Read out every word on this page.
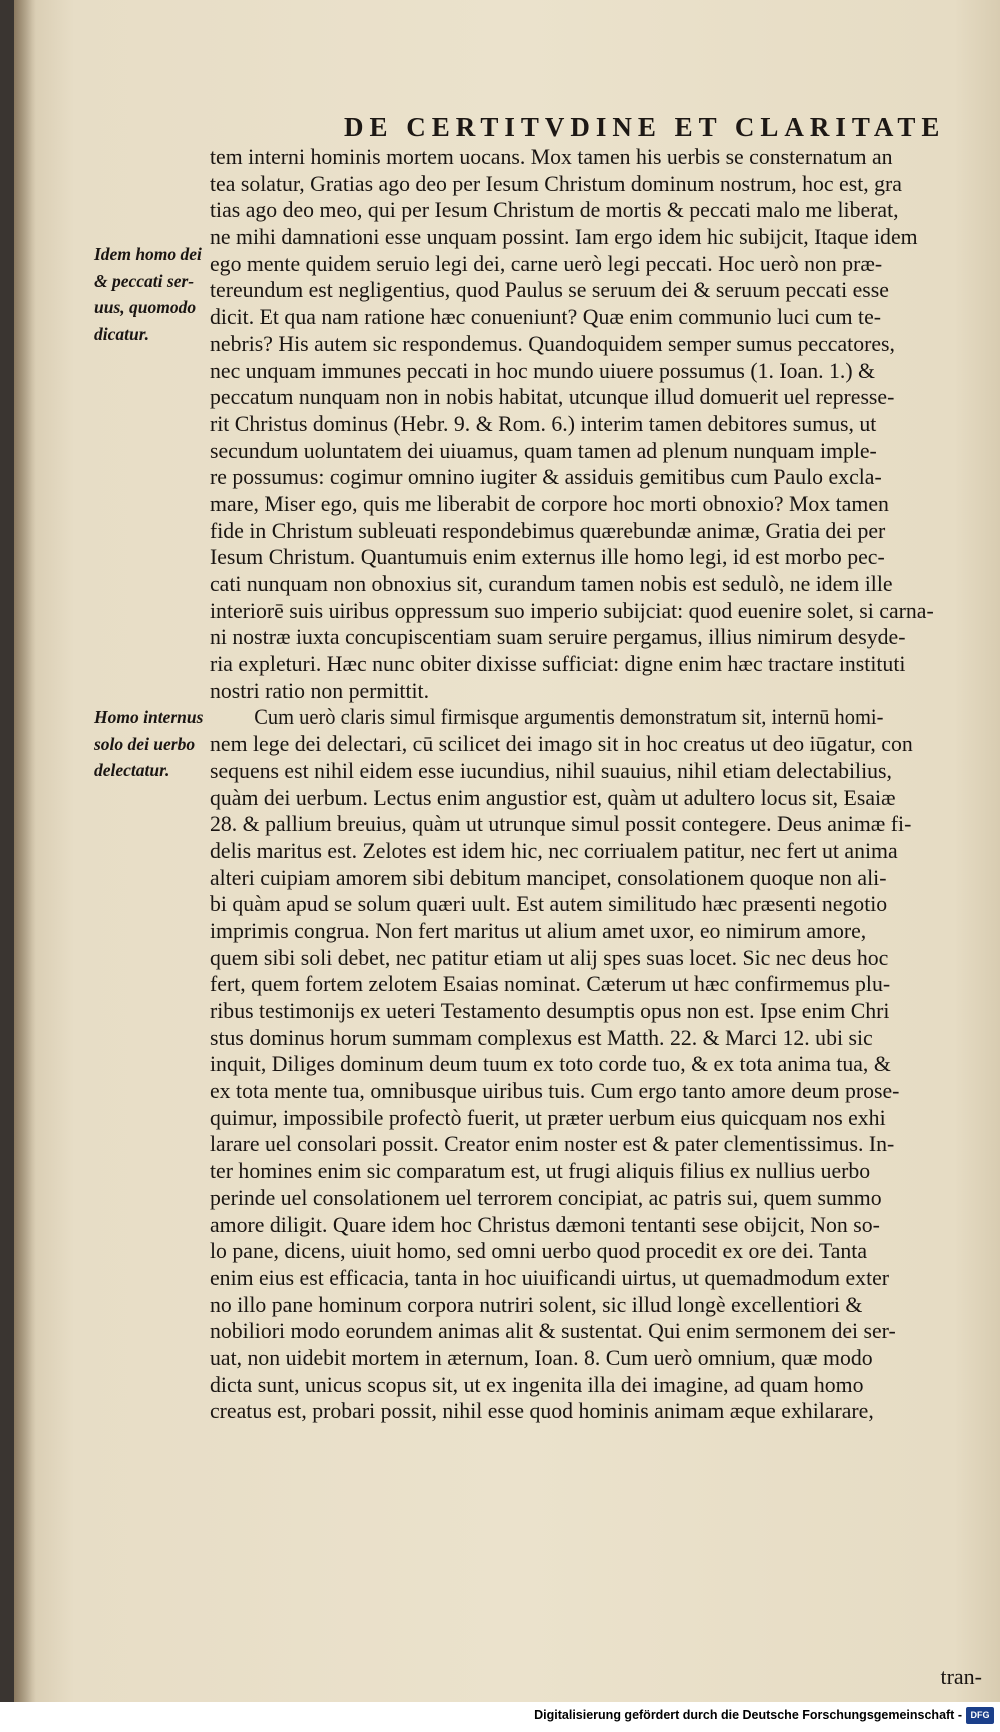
DE CERTITVDINE ET CLARITATE
Idem homo dei
& peccati ser-
uus, quomodo
dicatur.
Homo internus
solo dei uerbo
delectatur.
tem interni hominis mortem uocans. Mox tamen his uerbis se consternatum an
tea solatur, Gratias ago deo per Iesum Christum dominum nostrum, hoc est, gra
tias ago deo meo, qui per Iesum Christum de mortis & peccati malo me liberat,
ne mihi damnationi esse unquam possint. Iam ergo idem hic subijcit, Itaque idem
ego mente quidem seruio legi dei, carne uerò legi peccati. Hoc uerò non præ-
tereundum est negligentius, quod Paulus se seruum dei & seruum peccati esse
dicit. Et qua nam ratione hæc conueniunt? Quæ enim communio luci cum te-
nebris? His autem sic respondemus. Quandoquidem semper sumus peccatores,
nec unquam immunes peccati in hoc mundo uiuere possumus (1. Ioan. 1.) &
peccatum nunquam non in nobis habitat, utcunque illud domuerit uel represse-
rit Christus dominus (Hebr. 9. & Rom. 6.) interim tamen debitores sumus, ut
secundum uoluntatem dei uiuamus, quam tamen ad plenum nunquam imple-
re possumus: cogimur omnino iugiter & assiduis gemitibus cum Paulo excla-
mare, Miser ego, quis me liberabit de corpore hoc morti obnoxio? Mox tamen
fide in Christum subleuati respondebimus quærebundæ animæ, Gratia dei per
Iesum Christum. Quantumuis enim externus ille homo legi, id est morbo pec-
cati nunquam non obnoxius sit, curandum tamen nobis est sedulò, ne idem ille
interiorē suis uiribus oppressum suo imperio subijciat: quod euenire solet, si carna-
ni nostræ iuxta concupiscentiam suam seruire pergamus, illius nimirum desyde-
ria expleturi. Hæc nunc obiter dixisse sufficiat: digne enim hæc tractare instituti
nostri ratio non permittit.
Cum uerò claris simul firmisque argumentis demonstratum sit, internū homi-
nem lege dei delectari, cū scilicet dei imago sit in hoc creatus ut deo iūgatur, con
sequens est nihil eidem esse iucundius, nihil suauius, nihil etiam delectabilius,
quàm dei uerbum. Lectus enim angustior est, quàm ut adultero locus sit, Esaiæ
28. & pallium breuius, quàm ut utrunque simul possit contegere. Deus animæ fi-
delis maritus est. Zelotes est idem hic, nec corriualem patitur, nec fert ut anima
alteri cuipiam amorem sibi debitum mancipet, consolationem quoque non ali-
bi quàm apud se solum quæri uult. Est autem similitudo hæc præsenti negotio
imprimis congrua. Non fert maritus ut alium amet uxor, eo nimirum amore,
quem sibi soli debet, nec patitur etiam ut alij spes suas locet. Sic nec deus hoc
fert, quem fortem zelotem Esaias nominat. Cæterum ut hæc confirmemus plu-
ribus testimonijs ex ueteri Testamento desumptis opus non est. Ipse enim Chri
stus dominus horum summam complexus est Matth. 22. & Marci 12. ubi sic
inquit, Diliges dominum deum tuum ex toto corde tuo, & ex tota anima tua, &
ex tota mente tua, omnibusque uiribus tuis. Cum ergo tanto amore deum prose-
quimur, impossibile profectò fuerit, ut præter uerbum eius quicquam nos exhi
larare uel consolari possit. Creator enim noster est & pater clementissimus. In-
ter homines enim sic comparatum est, ut frugi aliquis filius ex nullius uerbo
perinde uel consolationem uel terrorem concipiat, ac patris sui, quem summo
amore diligit. Quare idem hoc Christus dæmoni tentanti sese obijcit, Non so-
lo pane, dicens, uiuit homo, sed omni uerbo quod procedit ex ore dei. Tanta
enim eius est efficacia, tanta in hoc uiuificandi uirtus, ut quemadmodum exter
no illo pane hominum corpora nutriri solent, sic illud longè excellentiori &
nobiliori modo eorundem animas alit & sustentat. Qui enim sermonem dei ser-
uat, non uidebit mortem in æternum, Ioan. 8. Cum uerò omnium, quæ modo
dicta sunt, unicus scopus sit, ut ex ingenita illa dei imagine, ad quam homo
creatus est, probari possit, nihil esse quod hominis animam æque exhilarare,
tran-
Digitalisierung gefördert durch die Deutsche Forschungsgemeinschaft - DFG
